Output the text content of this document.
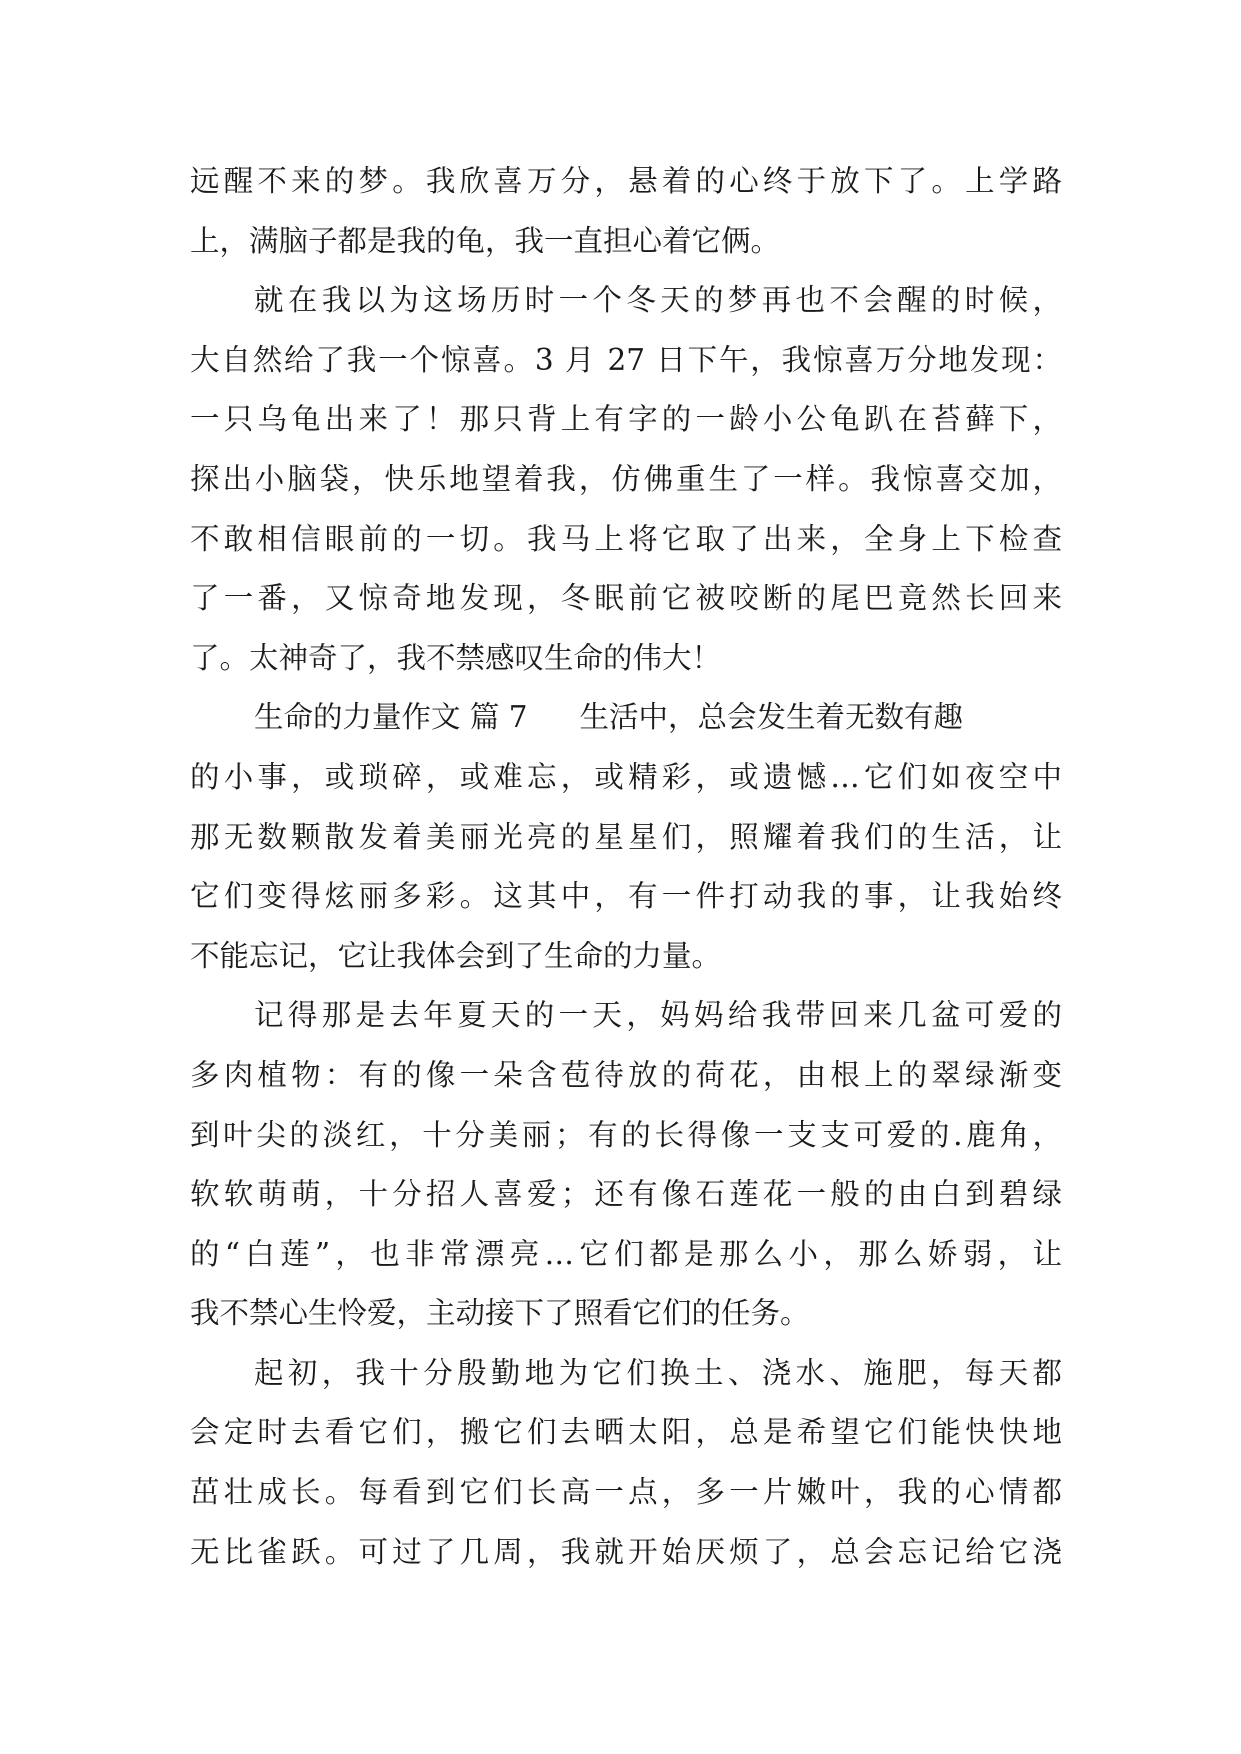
远醒不来的梦。我欣喜万分，悬着的心终于放下了。上学路
上，满脑子都是我的龟，我一直担心着它俩。
就在我以为这场历时一个冬天的梦再也不会醒的时候，
大自然给了我一个惊喜。3 月 27 日下午，我惊喜万分地发现：
一只乌龟出来了！那只背上有字的一龄小公龟趴在苔藓下，
探出小脑袋，快乐地望着我，仿佛重生了一样。我惊喜交加，
不敢相信眼前的一切。我马上将它取了出来，全身上下检查
了一番，又惊奇地发现，冬眠前它被咬断的尾巴竟然长回来
了。太神奇了，我不禁感叹生命的伟大！
生命的力量作文 篇 7 生活中，总会发生着无数有趣
的小事，或琐碎，或难忘，或精彩，或遗憾…它们如夜空中
那无数颗散发着美丽光亮的星星们，照耀着我们的生活，让
它们变得炫丽多彩。这其中，有一件打动我的事，让我始终
不能忘记，它让我体会到了生命的力量。
记得那是去年夏天的一天，妈妈给我带回来几盆可爱的
多肉植物：有的像一朵含苞待放的荷花，由根上的翠绿渐变
到叶尖的淡红，十分美丽；有的长得像一支支可爱的.鹿角，
软软萌萌，十分招人喜爱；还有像石莲花一般的由白到碧绿
的“白莲”，也非常漂亮…它们都是那么小，那么娇弱，让
我不禁心生怜爱，主动接下了照看它们的任务。
起初，我十分殷勤地为它们换土、浇水、施肥，每天都
会定时去看它们，搬它们去晒太阳，总是希望它们能快快地
茁壮成长。每看到它们长高一点，多一片嫩叶，我的心情都
无比雀跃。可过了几周，我就开始厌烦了，总会忘记给它浇
